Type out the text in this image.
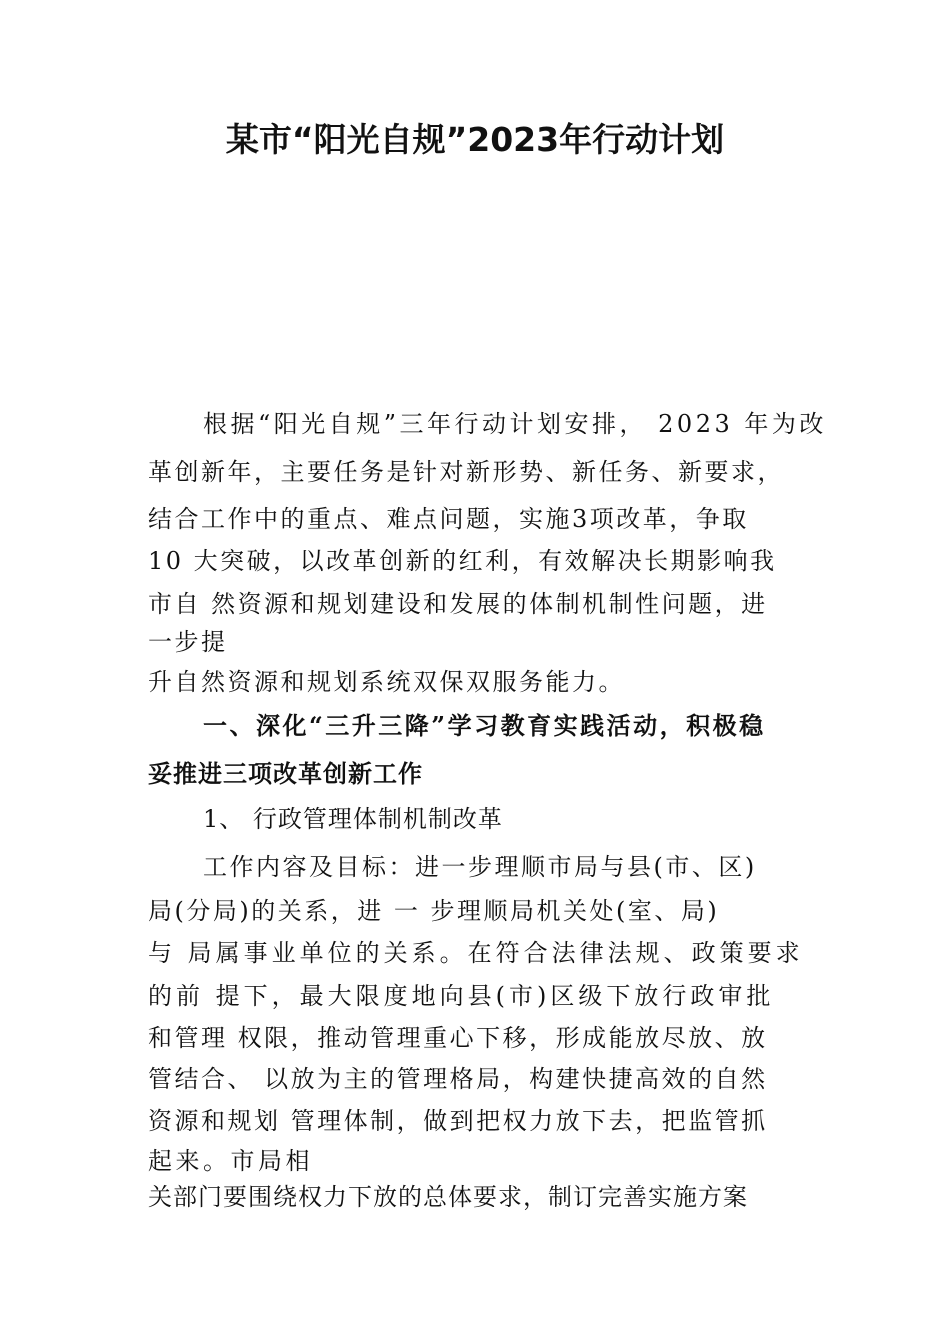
某市“阳光自规”2023年行动计划
根据“阳光自规”三年行动计划安排， 2023 年为改
革创新年，主要任务是针对新形势、新任务、新要求，
结合工作中的重点、难点问题，实施3项改革，争取
10 大突破，以改革创新的红利，有效解决长期影响我
市自 然资源和规划建设和发展的体制机制性问题，进
一步提
升自然资源和规划系统双保双服务能力。
一、深化“三升三降”学习教育实践活动，积极稳
妥推进三项改革创新工作
1、 行政管理体制机制改革
工作内容及目标：进一步理顺市局与县(市、区)
局(分局)的关系，进 一 步理顺局机关处(室、局)
与 局属事业单位的关系。在符合法律法规、政策要求
的前 提下，最大限度地向县(市)区级下放行政审批
和管理 权限，推动管理重心下移，形成能放尽放、放
管结合、 以放为主的管理格局，构建快捷高效的自然
资源和规划 管理体制，做到把权力放下去，把监管抓
起来。市局相
关部门要围绕权力下放的总体要求，制订完善实施方案
